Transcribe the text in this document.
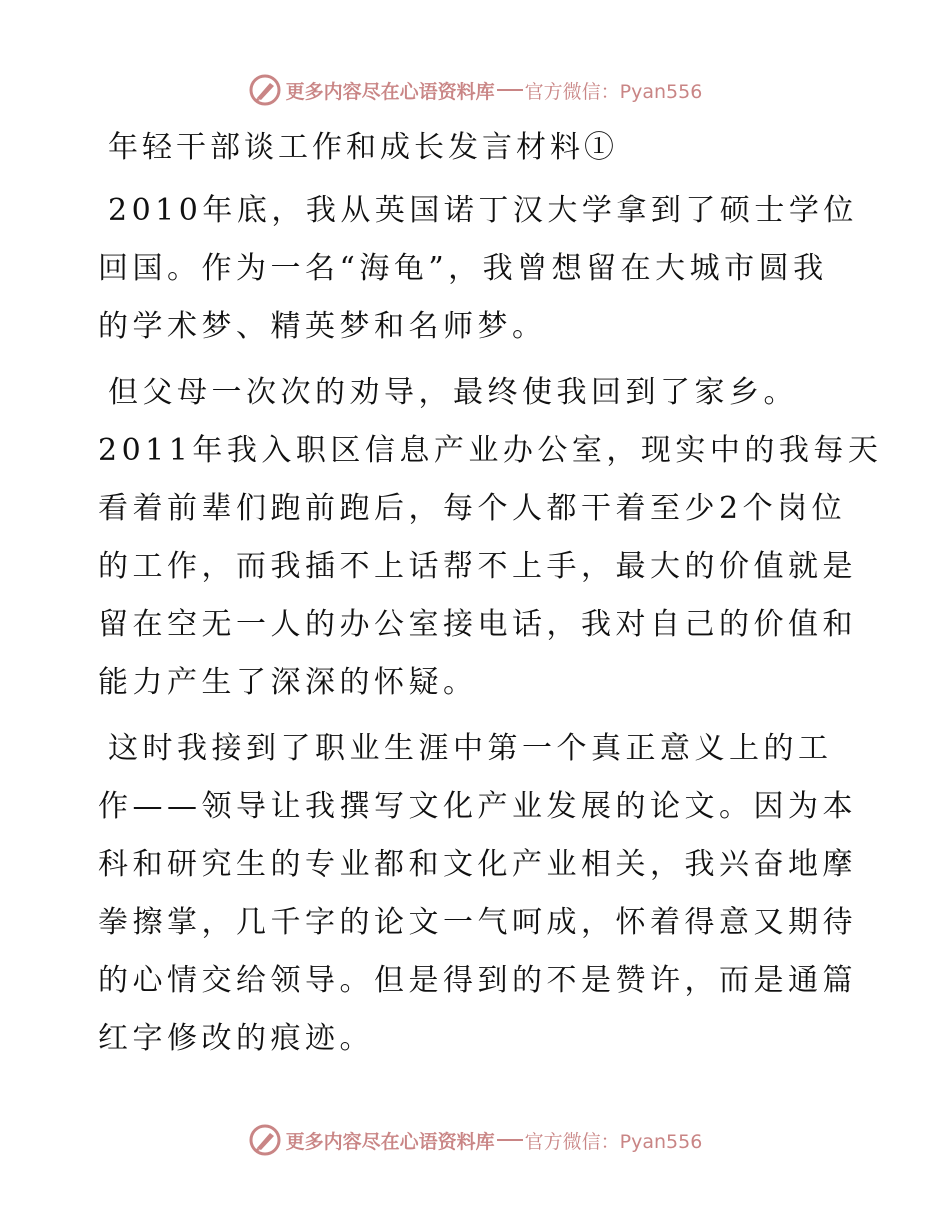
更多内容尽在心语资料库 官方微信：Pyan556
年轻干部谈工作和成长发言材料①
2010年底，我从英国诺丁汉大学拿到了硕士学位
回国。作为一名“海龟”，我曾想留在大城市圆我
的学术梦、精英梦和名师梦。
但父母一次次的劝导，最终使我回到了家乡。
2011年我入职区信息产业办公室，现实中的我每天
看着前辈们跑前跑后，每个人都干着至少2个岗位
的工作，而我插不上话帮不上手，最大的价值就是
留在空无一人的办公室接电话，我对自己的价值和
能力产生了深深的怀疑。
这时我接到了职业生涯中第一个真正意义上的工
作——领导让我撰写文化产业发展的论文。因为本
科和研究生的专业都和文化产业相关，我兴奋地摩
拳擦掌，几千字的论文一气呵成，怀着得意又期待
的心情交给领导。但是得到的不是赞许，而是通篇
红字修改的痕迹。
更多内容尽在心语资料库 官方微信：Pyan556
